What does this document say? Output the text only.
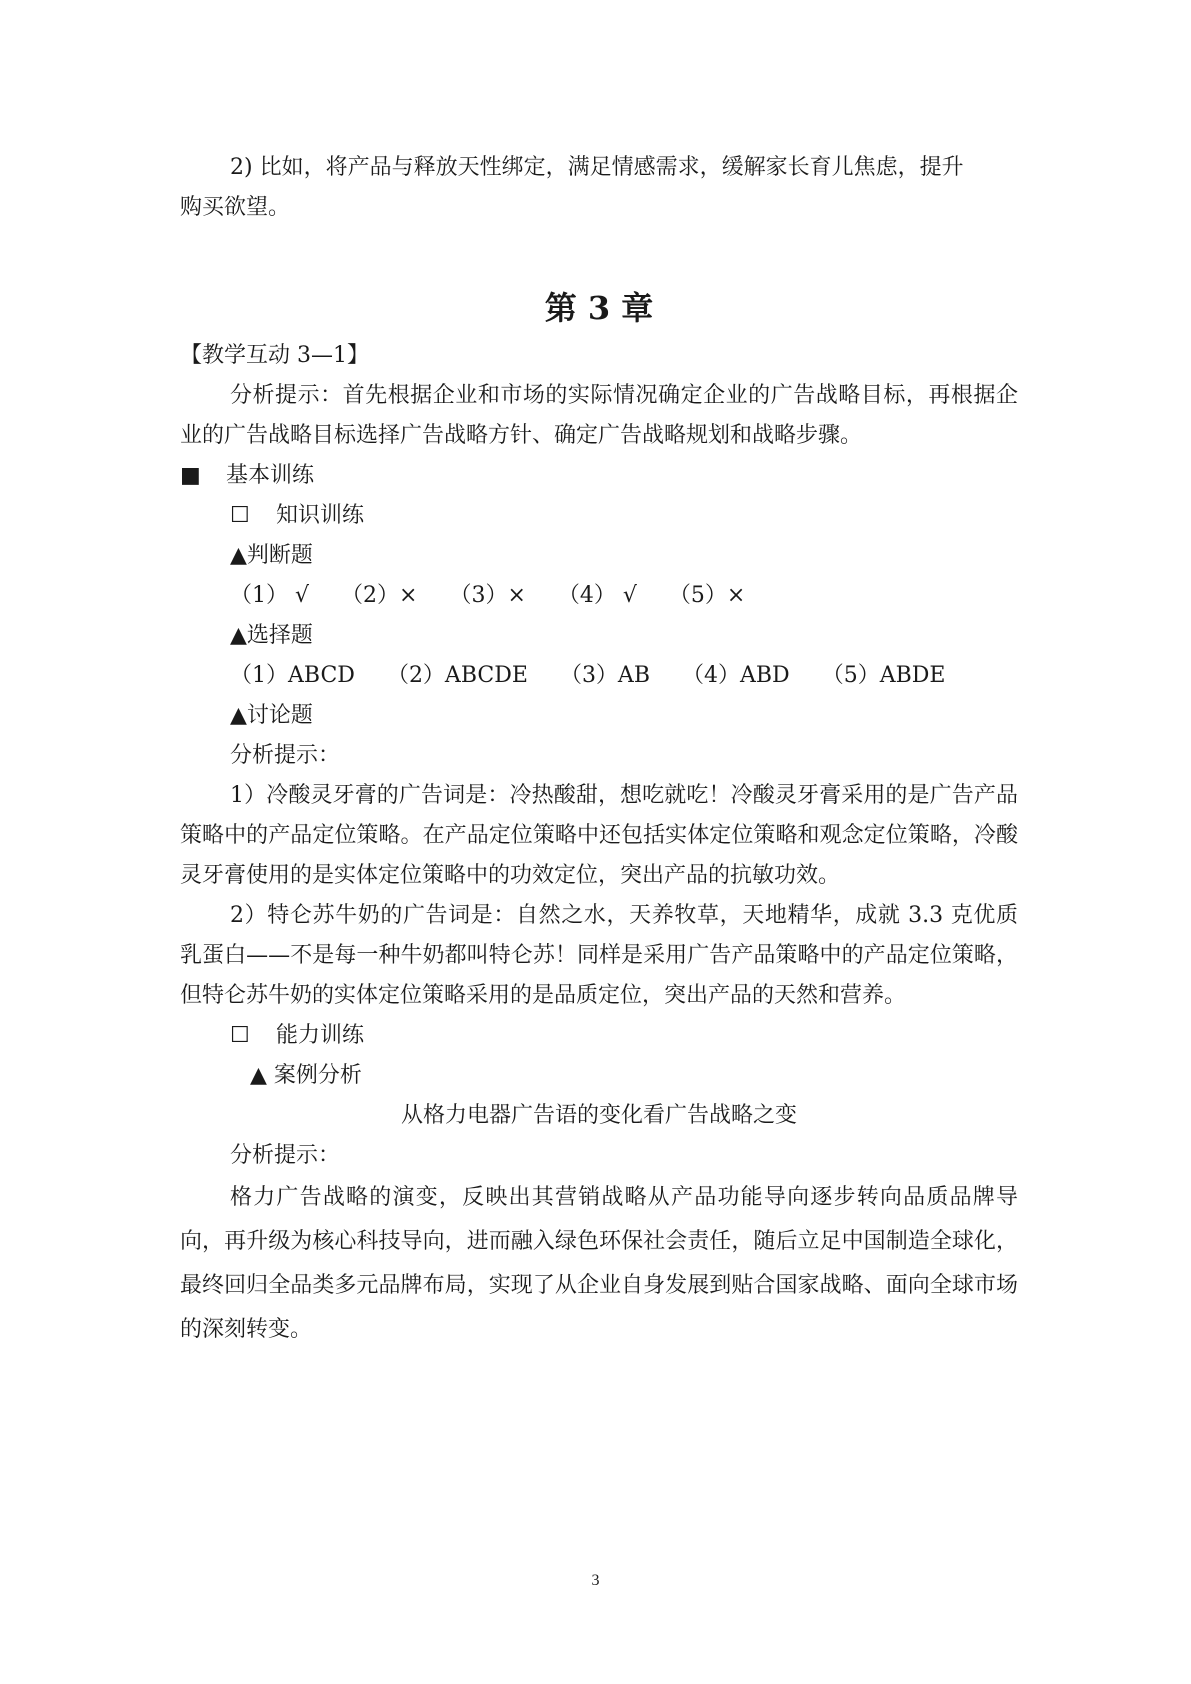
2) 比如，将产品与释放天性绑定，满足情感需求，缓解家长育儿焦虑，提升

购买欲望。

第 3 章

【教学互动 3—1】

分析提示：首先根据企业和市场的实际情况确定企业的广告战略目标，再根据企业的广告战略目标选择广告战略方针、确定广告战略规划和战略步骤。

■ 基本训练

☐ 知识训练

▲判断题

（1） √ （2）× （3）× （4） √ （5）×

▲选择题

（1）ABCD （2）ABCDE （3）AB （4）ABD （5）ABDE

▲讨论题

分析提示：

1）冷酸灵牙膏的广告词是：冷热酸甜，想吃就吃！冷酸灵牙膏采用的是广告产品策略中的产品定位策略。在产品定位策略中还包括实体定位策略和观念定位策略，冷酸灵牙膏使用的是实体定位策略中的功效定位，突出产品的抗敏功效。

2）特仑苏牛奶的广告词是：自然之水，天养牧草，天地精华，成就 3.3 克优质乳蛋白——不是每一种牛奶都叫特仑苏！同样是采用广告产品策略中的产品定位策略，但特仑苏牛奶的实体定位策略采用的是品质定位，突出产品的天然和营养。

☐ 能力训练

▲ 案例分析

从格力电器广告语的变化看广告战略之变

分析提示：

格力广告战略的演变，反映出其营销战略从产品功能导向逐步转向品质品牌导向，再升级为核心科技导向，进而融入绿色环保社会责任，随后立足中国制造全球化，最终回归全品类多元品牌布局，实现了从企业自身发展到贴合国家战略、面向全球市场的深刻转变。

3
